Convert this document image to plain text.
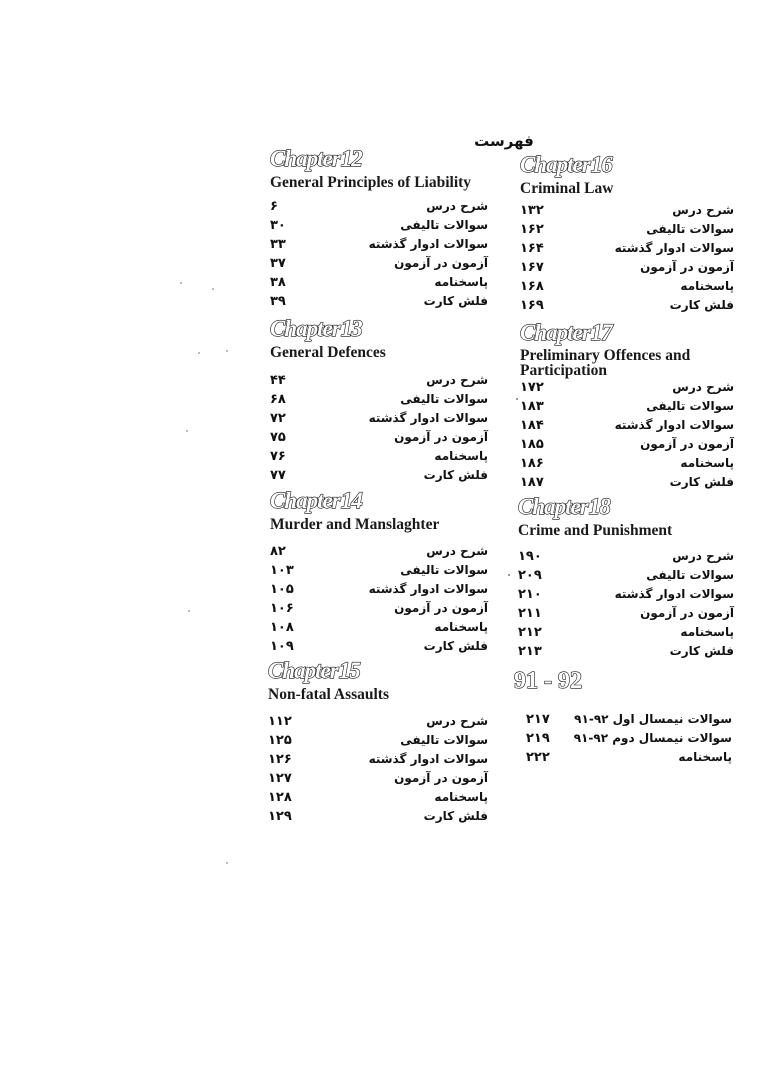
فهرست
Chapter12
General Principles of Liability
۶	شرح درس
۳۰	سوالات تالیفی
۳۳	سوالات ادوار گذشته
۳۷	آزمون در آزمون
۳۸	پاسخنامه
۳۹	فلش کارت
Chapter13
General Defences
۴۴	شرح درس
۶۸	سوالات تالیفی
۷۲	سوالات ادوار گذشته
۷۵	آزمون در آزمون
۷۶	پاسخنامه
۷۷	فلش کارت
Chapter14
Murder and Manslaghter
۸۲	شرح درس
۱۰۳	سوالات تالیفی
۱۰۵	سوالات ادوار گذشته
۱۰۶	آزمون در آزمون
۱۰۸	پاسخنامه
۱۰۹	فلش کارت
Chapter15
Non-fatal Assaults
۱۱۲	شرح درس
۱۲۵	سوالات تالیفی
۱۲۶	سوالات ادوار گذشته
۱۲۷	آزمون در آزمون
۱۲۸	پاسخنامه
۱۲۹	فلش کارت
Chapter16
Criminal Law
۱۳۲	شرح درس
۱۶۲	سوالات تالیفی
۱۶۴	سوالات ادوار گذشته
۱۶۷	آزمون در آزمون
۱۶۸	پاسخنامه
۱۶۹	فلش کارت
Chapter17
Preliminary Offences and Participation
۱۷۲	شرح درس
۱۸۳	سوالات تالیفی
۱۸۴	سوالات ادوار گذشته
۱۸۵	آزمون در آزمون
۱۸۶	پاسخنامه
۱۸۷	فلش کارت
Chapter18
Crime and Punishment
۱۹۰	شرح درس
۲۰۹	سوالات تالیفی
۲۱۰	سوالات ادوار گذشته
۲۱۱	آزمون در آزمون
۲۱۲	پاسخنامه
۲۱۳	فلش کارت
91 - 92
۲۱۷	سوالات نیمسال اول ۹۲-۹۱
۲۱۹	سوالات نیمسال دوم ۹۲-۹۱
۲۲۲	پاسخنامه
